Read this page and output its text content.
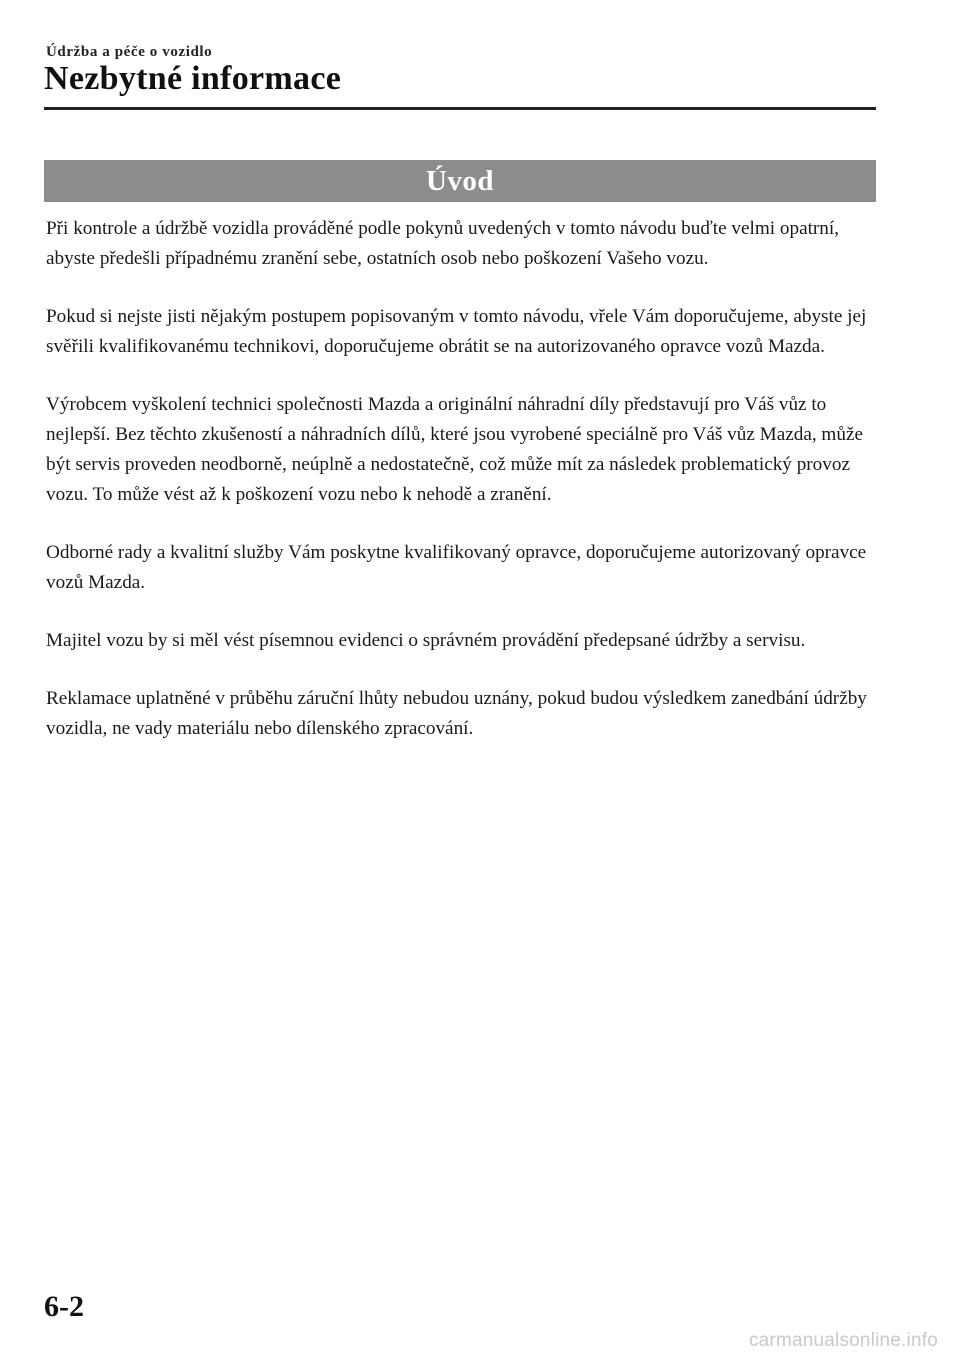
Údržba a péče o vozidlo
Nezbytné informace
Úvod

Při kontrole a údržbě vozidla prováděné podle pokynů uvedených v tomto návodu buďte velmi opatrní, abyste předešli případnému zranění sebe, ostatních osob nebo poškození Vašeho vozu.

Pokud si nejste jisti nějakým postupem popisovaným v tomto návodu, vřele Vám doporučujeme, abyste jej svěřili kvalifikovanému technikovi, doporučujeme obrátit se na autorizovaného opravce vozů Mazda.

Výrobcem vyškolení technici společnosti Mazda a originální náhradní díly představují pro Váš vůz to nejlepší. Bez těchto zkušeností a náhradních dílů, které jsou vyrobené speciálně pro Váš vůz Mazda, může být servis proveden neodborně, neúplně a nedostatečně, což může mít za následek problematický provoz vozu. To může vést až k poškození vozu nebo k nehodě a zranění.

Odborné rady a kvalitní služby Vám poskytne kvalifikovaný opravce, doporučujeme autorizovaný opravce vozů Mazda.

Majitel vozu by si měl vést písemnou evidenci o správném provádění předepsané údržby a servisu.

Reklamace uplatněné v průběhu záruční lhůty nebudou uznány, pokud budou výsledkem zanedbání údržby vozidla, ne vady materiálu nebo dílenského zpracování.

6-2
carmanualsonline.info
